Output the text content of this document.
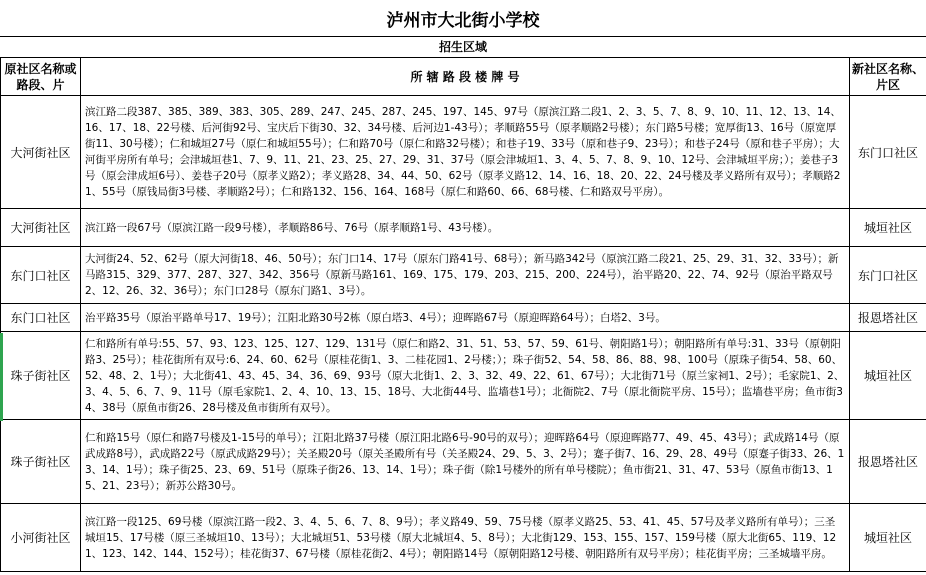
泸州市大北街小学校
招生区域
原社区名称或路段、片	所 辖 路 段 楼 牌 号	新社区名称、片区
大河街社区	滨江路二段387、385、389、383、305、289、247、245、287、245、197、145、97号（原滨江路二段1、2、3、5、7、8、9、10、11、12、13、14、16、17、18、22号楼、后河街92号、宝庆后下街30、32、34号楼、后河边1-43号）；孝顺路55号（原孝顺路2号楼）；东门路5号楼；宽厚街13、16号（原宽厚街11、30号楼）；仁和城垣27号（原仁和城垣55号）；仁和路70号（原仁和路32号楼）；和巷子19、33号（原和巷子9、23号）；和巷子24号（原和巷子平房）；大河街平房所有单号；会津城垣巷1、7、9、11、21、23、25、27、29、31、37号（原会津城垣1、3、4、5、7、8、9、10、12号、会津城垣平房；）；姜巷子3号（原会津成垣6号）、姜巷子20号（原孝义路2）；孝义路28、34、44、50、62号（原孝义路12、14、16、18、20、22、24号楼及孝义路所有双号）；孝顺路21、55号（原钱局街3号楼、孝顺路2号）；仁和路132、156、164、168号（原仁和路60、66、68号楼、仁和路双号平房）。	东门口社区
大河街社区	滨江路一段67号（原滨江路一段9号楼），孝顺路86号、76号（原孝顺路1号、43号楼）。	城垣社区
东门口社区	大河街24、52、62号（原大河街18、46、50号）；东门口14、17号（原东门路41号、68号）；新马路342号（原滨江路二段21、25、29、31、32、33号）；新马路315、329、377、287、327、342、356号（原新马路161、169、175、179、203、215、200、224号），治平路20、22、74、92号（原治平路双号2、12、26、32、36号）；东门口28号（原东门路1、3号）。	东门口社区
东门口社区	治平路35号（原治平路单号17、19号）；江阳北路30号2栋（原白塔3、4号）；迎晖路67号（原迎晖路64号）；白塔2、3号。	报恩塔社区
珠子街社区	仁和路所有单号:55、57、93、123、125、127、129、131号（原仁和路2、31、51、53、57、59、61号、朝阳路1号）；朝阳路所有单号:31、33号（原朝阳路3、25号）；桂花街所有双号:6、24、60、62号（原桂花街1、3、二桂花园1、2号楼；）；珠子街52、54、58、86、88、98、100号（原珠子街54、58、60、52、48、2、1号）；大北街41、43、45、34、36、69、93号（原大北街1、2、3、32、49、22、61、67号）；大北街71号（原兰家祠1、2号）；毛家院1、2、3、4、5、6、7、9、11号（原毛家院1、2、4、10、13、15、18号、大北街44号、监墙巷1号）；北衙院2、7号（原北衙院平房、15号）；监墙巷平房；鱼市街34、38号（原鱼市街26、28号楼及鱼市街所有双号）。	城垣社区
珠子街社区	仁和路15号（原仁和路7号楼及1-15号的单号）；江阳北路37号楼（原江阳北路6号-90号的双号）；迎晖路64号（原迎晖路77、49、45、43号）；武成路14号（原武成路8号），武成路22号（原武成路29号）；关圣殿20号（原关圣殿所有号（关圣殿24、29、5、3、2号）；蹇子街7、16、29、28、49号（原蹇子街33、26、13、14、1号）；珠子街25、23、69、51号（原珠子街26、13、14、1号）；珠子街（除1号楼外的所有单号楼院）；鱼市街21、31、47、53号（原鱼市街13、15、21、23号）；新苏公路30号。	报恩塔社区
小河街社区	滨江路一段125、69号楼（原滨江路一段2、3、4、5、6、7、8、9号）；孝义路49、59、75号楼（原孝义路25、53、41、45、57号及孝义路所有单号）；三圣城垣15、17号楼（原三圣城垣10、13号）；大北城垣51、53号楼（原大北城垣4、5、8号）；大北街129、153、155、157、159号楼（原大北街65、119、121、123、142、144、152号）；桂花街37、67号楼（原桂花街2、4号）；朝阳路14号（原朝阳路12号楼、朝阳路所有双号平房）；桂花街平房；三圣城墙平房。	城垣社区
